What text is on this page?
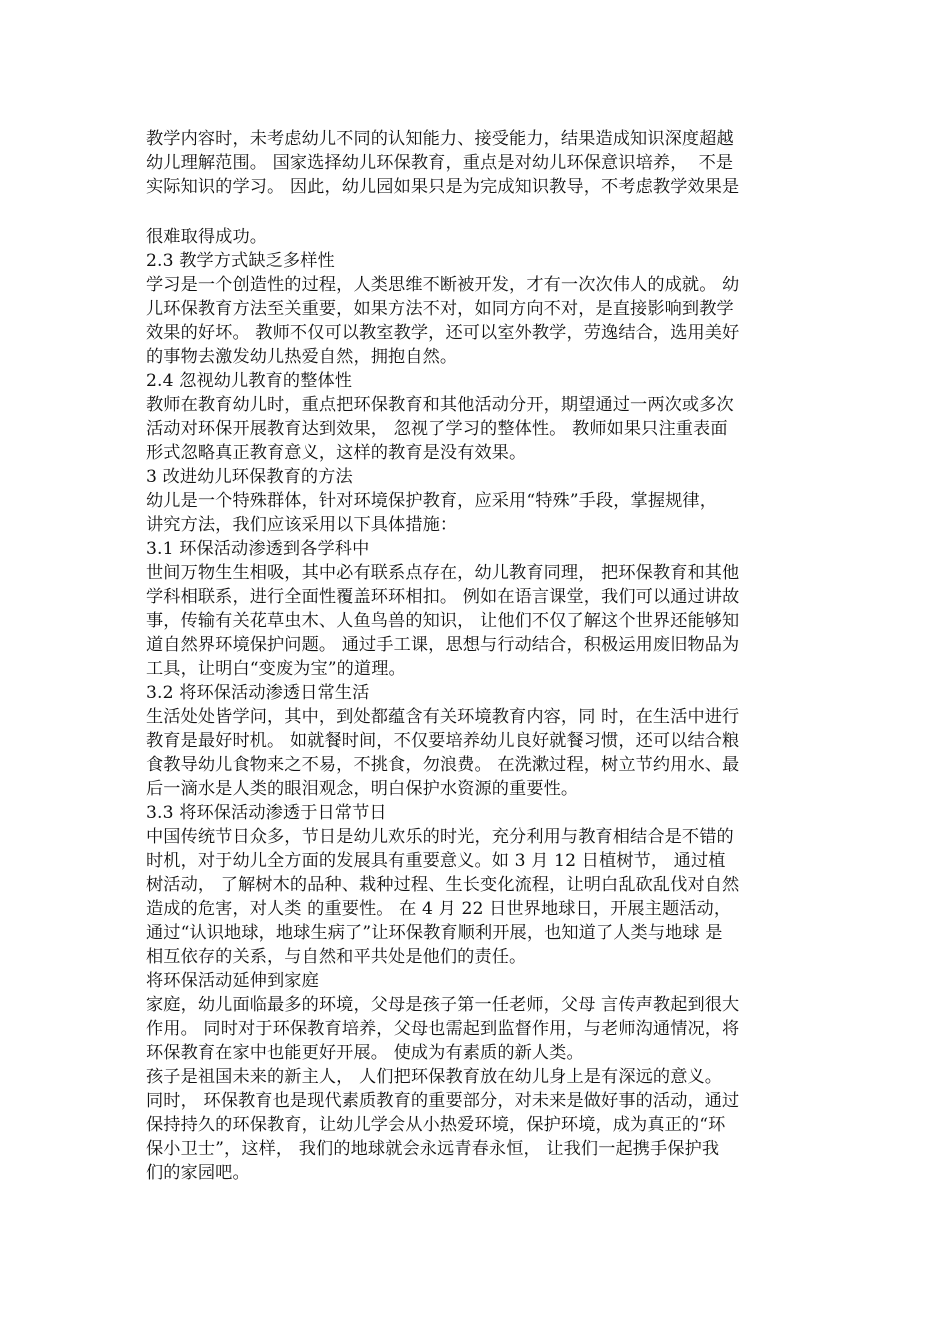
教学内容时，未考虑幼儿不同的认知能力、接受能力，结果造成知识深度超越
幼儿理解范围。 国家选择幼儿环保教育，重点是对幼儿环保意识培养，  不是
实际知识的学习。 因此，幼儿园如果只是为完成知识教导，不考虑教学效果是
很难取得成功。
2.3 教学方式缺乏多样性
学习是一个创造性的过程，人类思维不断被开发，才有一次次伟人的成就。 幼
儿环保教育方法至关重要，如果方法不对，如同方向不对，是直接影响到教学
效果的好坏。 教师不仅可以教室教学，还可以室外教学，劳逸结合，选用美好
的事物去激发幼儿热爱自然，拥抱自然。
2.4 忽视幼儿教育的整体性
教师在教育幼儿时，重点把环保教育和其他活动分开，期望通过一两次或多次
活动对环保开展教育达到效果， 忽视了学习的整体性。 教师如果只注重表面
形式忽略真正教育意义，这样的教育是没有效果。
3 改进幼儿环保教育的方法
幼儿是一个特殊群体，针对环境保护教育，应采用“特殊”手段，掌握规律，
讲究方法，我们应该采用以下具体措施：
3.1 环保活动渗透到各学科中
世间万物生生相吸，其中必有联系点存在，幼儿教育同理， 把环保教育和其他
学科相联系，进行全面性覆盖环环相扣。 例如在语言课堂，我们可以通过讲故
事，传输有关花草虫木、人鱼鸟兽的知识， 让他们不仅了解这个世界还能够知
道自然界环境保护问题。 通过手工课，思想与行动结合，积极运用废旧物品为
工具，让明白“变废为宝”的道理。
3.2 将环保活动渗透日常生活
生活处处皆学问，其中，到处都蕴含有关环境教育内容，同 时，在生活中进行
教育是最好时机。 如就餐时间，不仅要培养幼儿良好就餐习惯，还可以结合粮
食教导幼儿食物来之不易，不挑食，勿浪费。 在洗漱过程，树立节约用水、最
后一滴水是人类的眼泪观念，明白保护水资源的重要性。
3.3 将环保活动渗透于日常节日
中国传统节日众多，节日是幼儿欢乐的时光，充分利用与教育相结合是不错的
时机，对于幼儿全方面的发展具有重要意义。如 3 月 12 日植树节， 通过植
树活动， 了解树木的品种、栽种过程、生长变化流程，让明白乱砍乱伐对自然
造成的危害，对人类 的重要性。 在 4 月 22 日世界地球日，开展主题活动，
通过“认识地球，地球生病了”让环保教育顺利开展，也知道了人类与地球 是
相互依存的关系，与自然和平共处是他们的责任。
将环保活动延伸到家庭
家庭，幼儿面临最多的环境，父母是孩子第一任老师，父母 言传声教起到很大
作用。 同时对于环保教育培养，父母也需起到监督作用，与老师沟通情况，将
环保教育在家中也能更好开展。 使成为有素质的新人类。
孩子是祖国未来的新主人， 人们把环保教育放在幼儿身上是有深远的意义。
同时， 环保教育也是现代素质教育的重要部分，对未来是做好事的活动，通过
保持持久的环保教育，让幼儿学会从小热爱环境，保护环境，成为真正的“环
保小卫士”，这样， 我们的地球就会永远青春永恒， 让我们一起携手保护我
们的家园吧。
